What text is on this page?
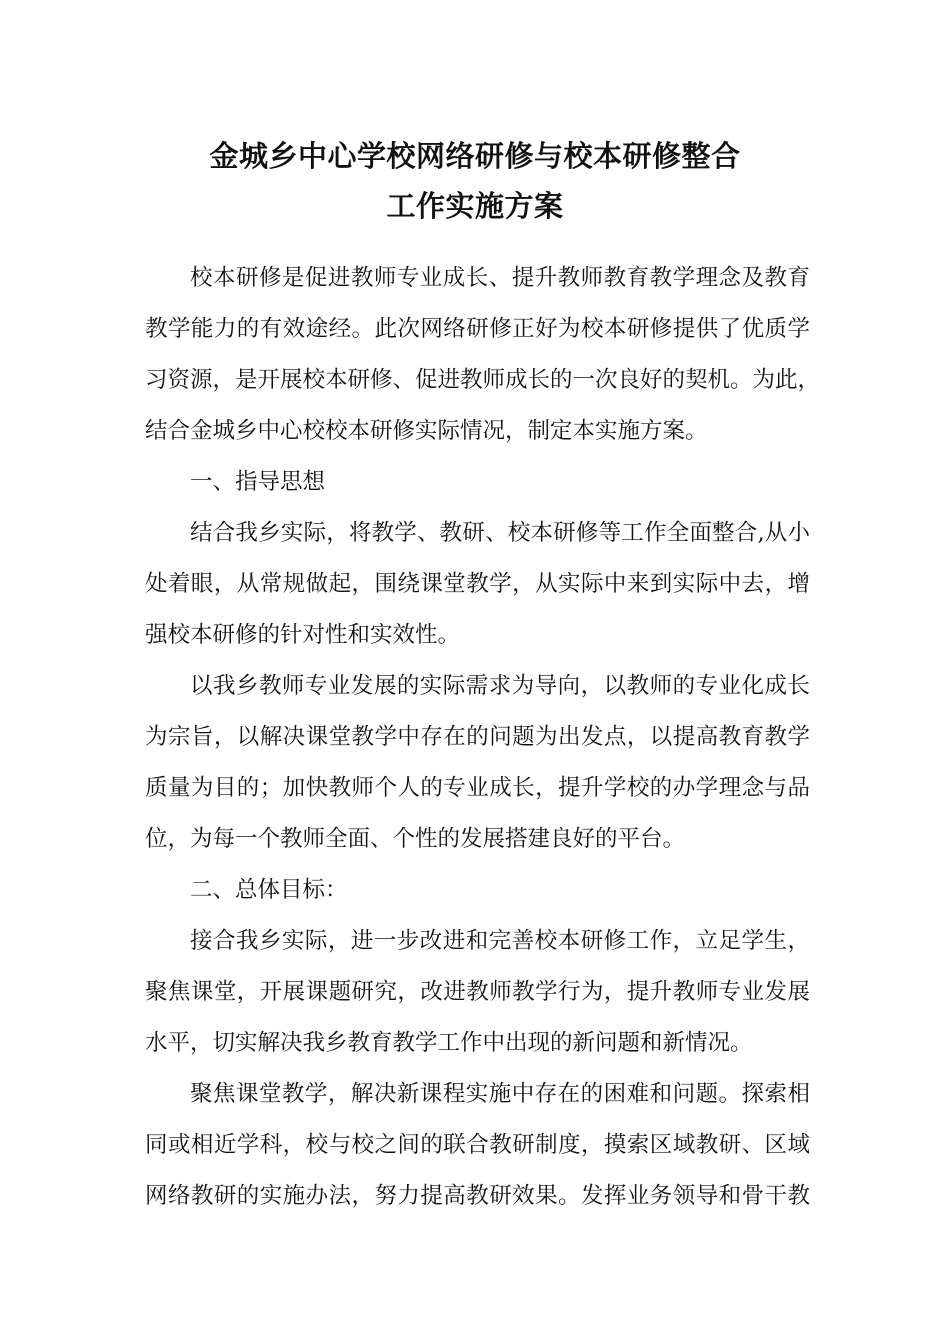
金城乡中心学校网络研修与校本研修整合
工作实施方案
校本研修是促进教师专业成长、提升教师教育教学理念及教育
教学能力的有效途经。此次网络研修正好为校本研修提供了优质学
习资源，是开展校本研修、促进教师成长的一次良好的契机。为此，
结合金城乡中心校校本研修实际情况，制定本实施方案。
一、指导思想
结合我乡实际，将教学、教研、校本研修等工作全面整合,从小
处着眼，从常规做起，围绕课堂教学，从实际中来到实际中去，增
强校本研修的针对性和实效性。
以我乡教师专业发展的实际需求为导向，以教师的专业化成长
为宗旨，以解决课堂教学中存在的问题为出发点，以提高教育教学
质量为目的；加快教师个人的专业成长，提升学校的办学理念与品
位，为每一个教师全面、个性的发展搭建良好的平台。
二、总体目标：
接合我乡实际，进一步改进和完善校本研修工作，立足学生，
聚焦课堂，开展课题研究，改进教师教学行为，提升教师专业发展
水平，切实解决我乡教育教学工作中出现的新问题和新情况。
聚焦课堂教学，解决新课程实施中存在的困难和问题。探索相
同或相近学科，校与校之间的联合教研制度，摸索区域教研、区域
网络教研的实施办法，努力提高教研效果。发挥业务领导和骨干教
